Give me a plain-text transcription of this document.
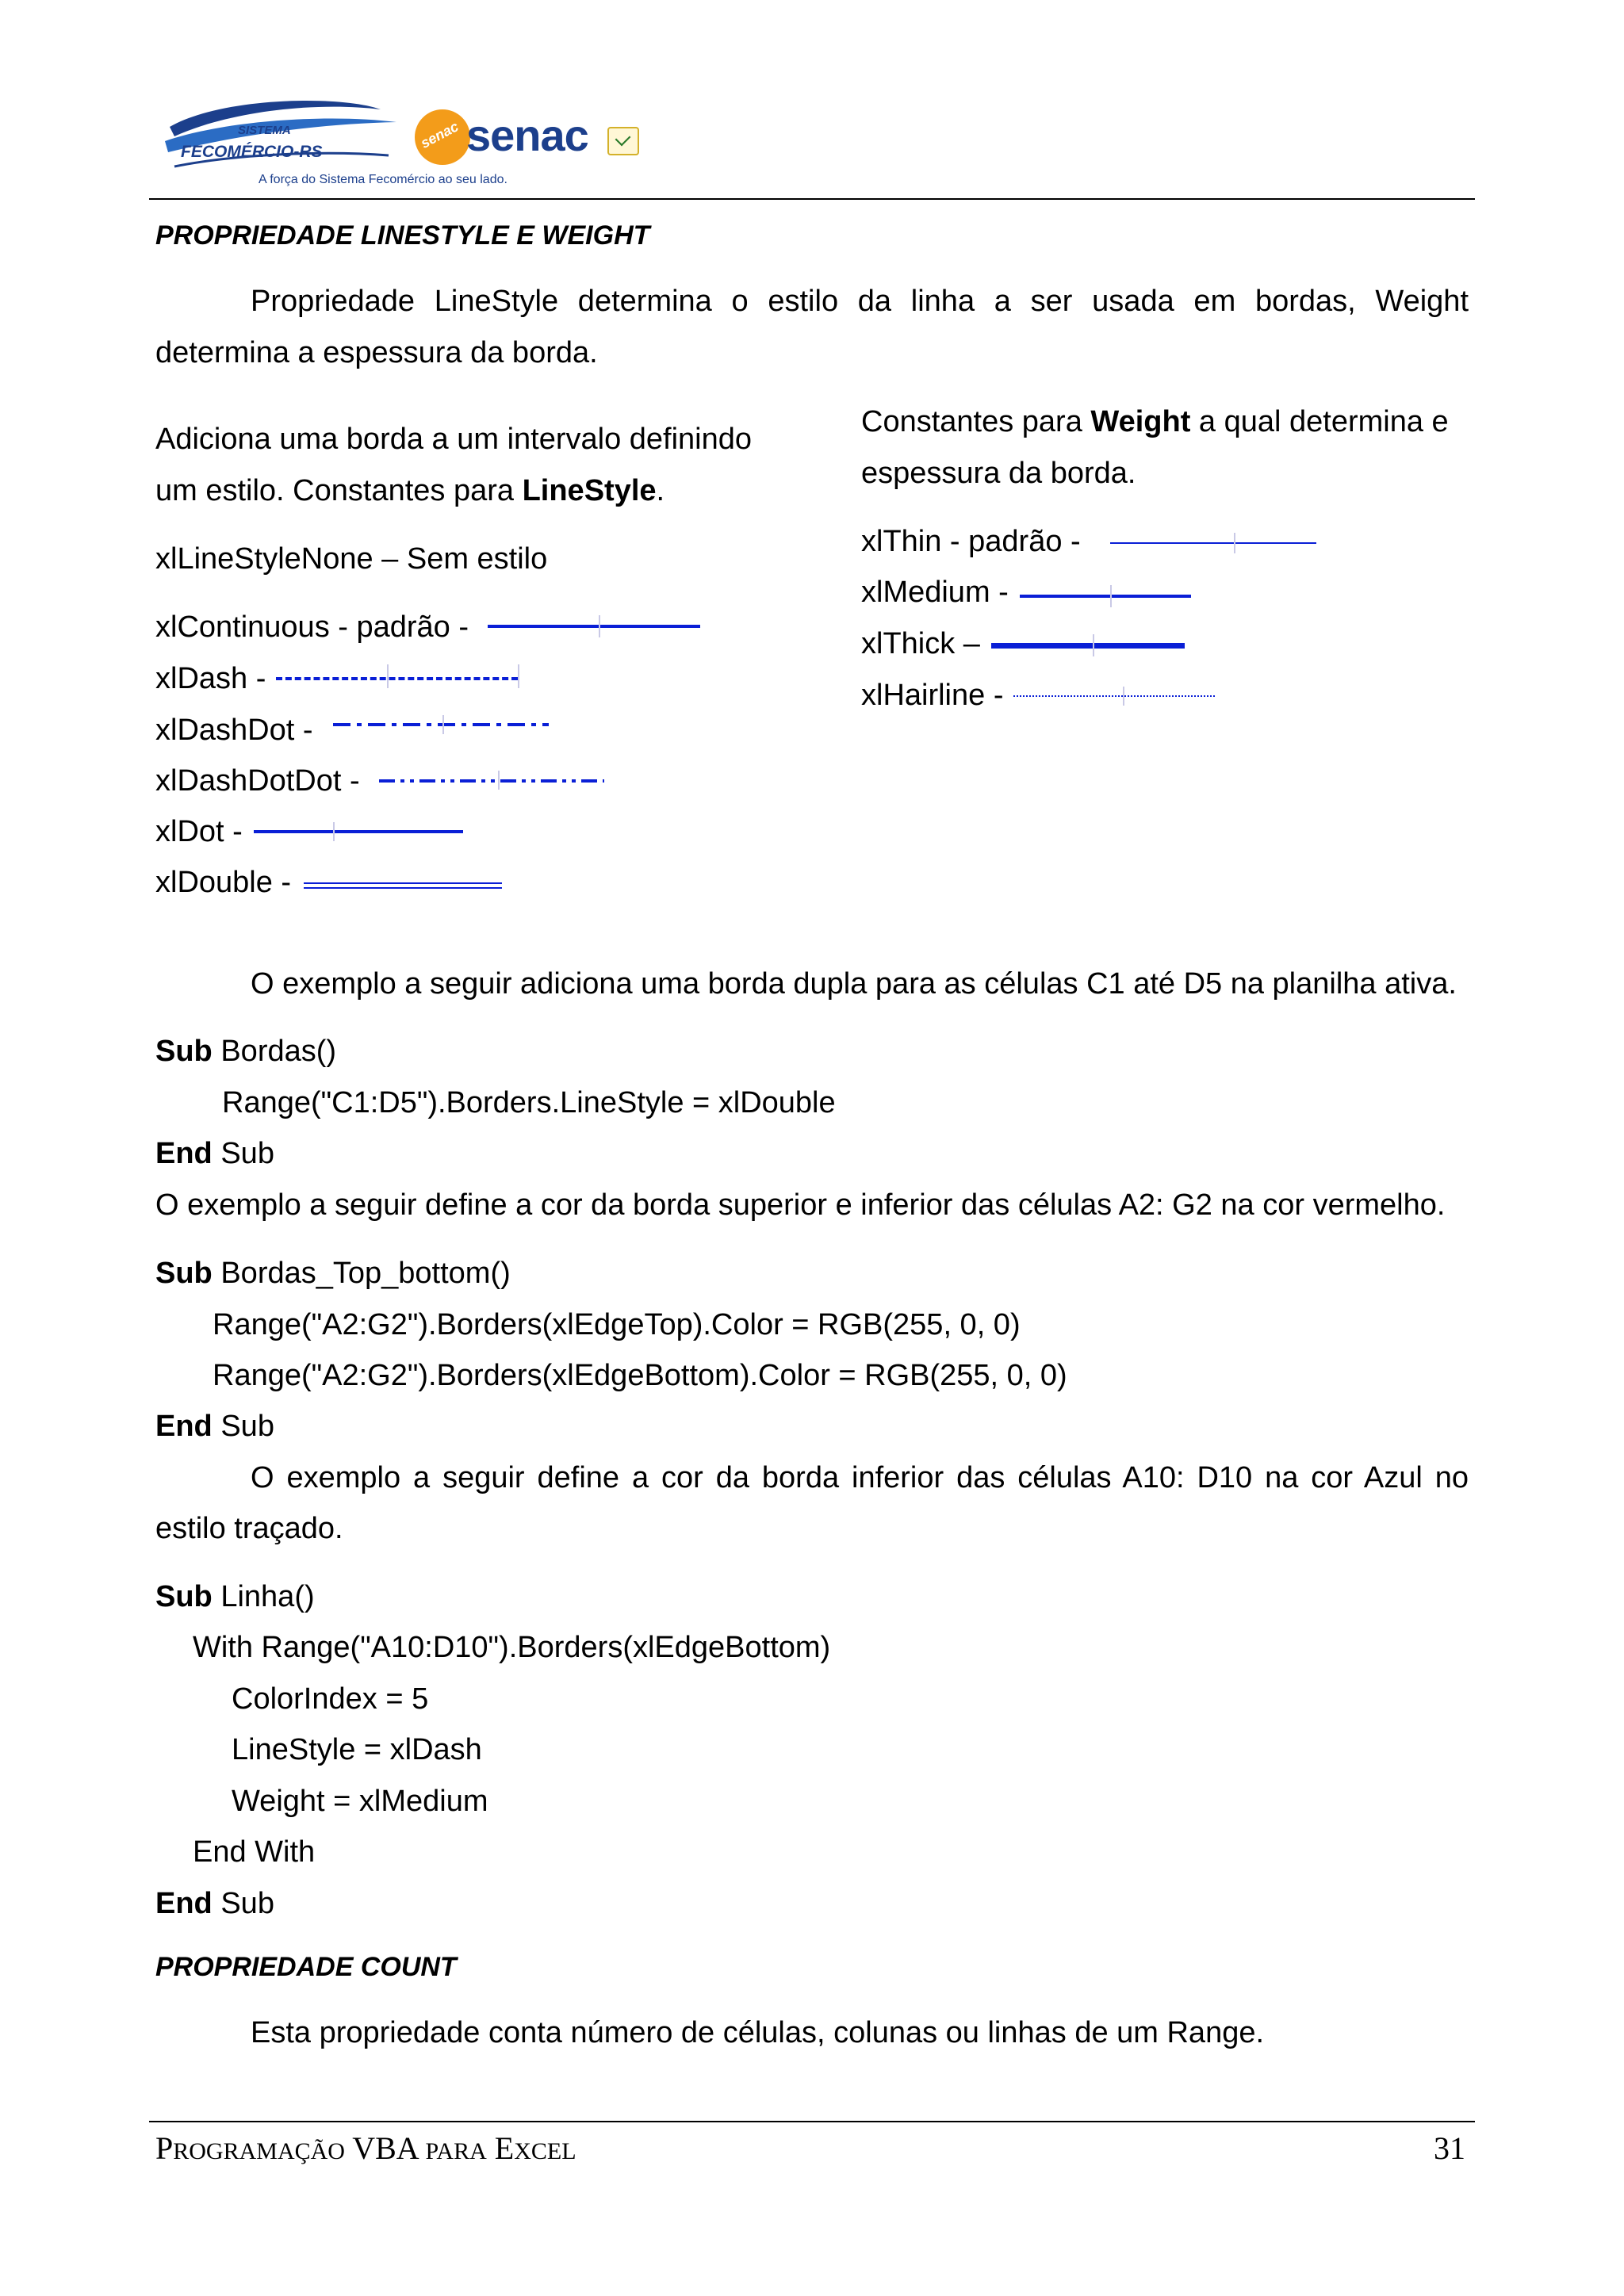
SISTEMA
FECOMÉRCIO-RS
A força do Sistema Fecomércio ao seu lado.
senac senac
PROPRIEDADE LINESTYLE E WEIGHT
Propriedade LineStyle determina o estilo da linha a ser usada em bordas, Weight
determina a espessura da borda.
Adiciona uma borda a um intervalo definindo
um estilo. Constantes para LineStyle.
xlLineStyleNone – Sem estilo
xlContinuous - padrão -
xlDash -
xlDashDot -
xlDashDotDot -
xlDot -
xlDouble -
Constantes para Weight a qual determina e
espessura da borda.
xlThin - padrão -
xlMedium -
xlThick –
xlHairline -
O exemplo a seguir adiciona uma borda dupla para as células C1 até D5 na planilha ativa.
Sub Bordas()
Range("C1:D5").Borders.LineStyle = xlDouble
End Sub
O exemplo a seguir define a cor da borda superior e inferior das células A2: G2 na cor vermelho.
Sub Bordas_Top_bottom()
Range("A2:G2").Borders(xlEdgeTop).Color = RGB(255, 0, 0)
Range("A2:G2").Borders(xlEdgeBottom).Color = RGB(255, 0, 0)
End Sub
O exemplo a seguir define a cor da borda inferior das células A10: D10 na cor Azul no
estilo traçado.
Sub Linha()
With Range("A10:D10").Borders(xlEdgeBottom)
ColorIndex = 5
LineStyle = xlDash
Weight = xlMedium
End With
End Sub
PROPRIEDADE COUNT
Esta propriedade conta número de células, colunas ou linhas de um Range.
PROGRAMAÇÃO VBA PARA EXCEL	31
